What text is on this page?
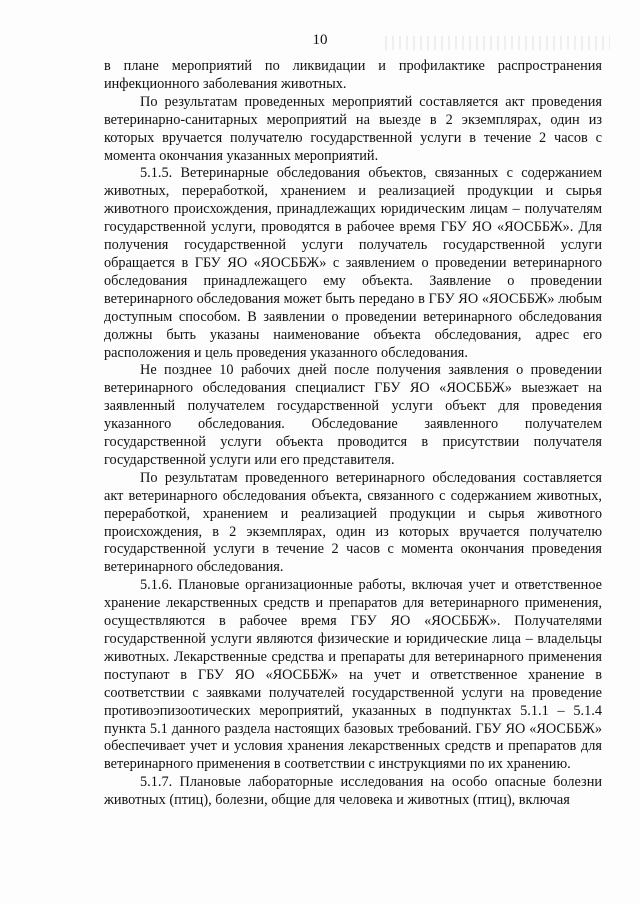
10

в плане мероприятий по ликвидации и профилактике распространения инфекционного заболевания животных.

По результатам проведенных мероприятий составляется акт проведения ветеринарно-санитарных мероприятий на выезде в 2 экземплярах, один из которых вручается получателю государственной услуги в течение 2 часов с момента окончания указанных мероприятий.

5.1.5. Ветеринарные обследования объектов, связанных с содержанием животных, переработкой, хранением и реализацией продукции и сырья животного происхождения, принадлежащих юридическим лицам – получателям государственной услуги, проводятся в рабочее время ГБУ ЯО «ЯОСББЖ». Для получения государственной услуги получатель государственной услуги обращается в ГБУ ЯО «ЯОСББЖ» с заявлением о проведении ветеринарного обследования принадлежащего ему объекта. Заявление о проведении ветеринарного обследования может быть передано в ГБУ ЯО «ЯОСББЖ» любым доступным способом. В заявлении о проведении ветеринарного обследования должны быть указаны наименование объекта обследования, адрес его расположения и цель проведения указанного обследования.

Не позднее 10 рабочих дней после получения заявления о проведении ветеринарного обследования специалист ГБУ ЯО «ЯОСББЖ» выезжает на заявленный получателем государственной услуги объект для проведения указанного обследования. Обследование заявленного получателем государственной услуги объекта проводится в присутствии получателя государственной услуги или его представителя.

По результатам проведенного ветеринарного обследования составляется акт ветеринарного обследования объекта, связанного с содержанием животных, переработкой, хранением и реализацией продукции и сырья животного происхождения, в 2 экземплярах, один из которых вручается получателю государственной услуги в течение 2 часов с момента окончания проведения ветеринарного обследования.

5.1.6. Плановые организационные работы, включая учет и ответственное хранение лекарственных средств и препаратов для ветеринарного применения, осуществляются в рабочее время ГБУ ЯО «ЯОСББЖ». Получателями государственной услуги являются физические и юридические лица – владельцы животных. Лекарственные средства и препараты для ветеринарного применения поступают в ГБУ ЯО «ЯОСББЖ» на учет и ответственное хранение в соответствии с заявками получателей государственной услуги на проведение противоэпизоотических мероприятий, указанных в подпунктах 5.1.1 – 5.1.4 пункта 5.1 данного раздела настоящих базовых требований. ГБУ ЯО «ЯОСББЖ» обеспечивает учет и условия хранения лекарственных средств и препаратов для ветеринарного применения в соответствии с инструкциями по их хранению.

5.1.7. Плановые лабораторные исследования на особо опасные болезни животных (птиц), болезни, общие для человека и животных (птиц), включая
